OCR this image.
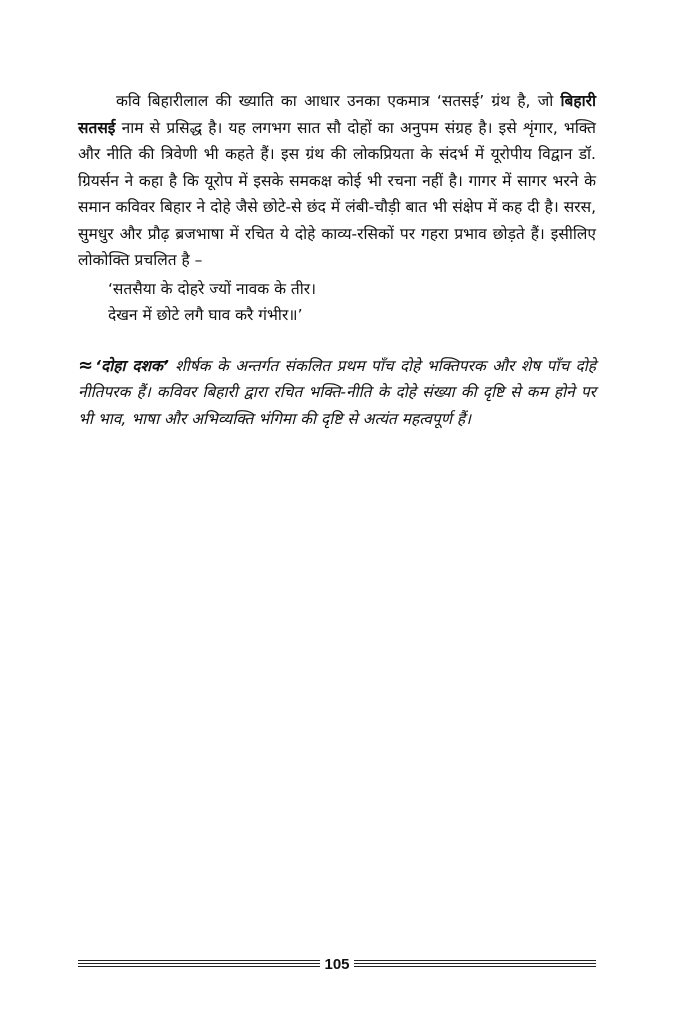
कवि बिहारीलाल की ख्याति का आधार उनका एकमात्र ‘सतसई’ ग्रंथ है, जो बिहारी सतसई नाम से प्रसिद्ध है। यह लगभग सात सौ दोहों का अनुपम संग्रह है। इसे शृंगार, भक्ति और नीति की त्रिवेणी भी कहते हैं। इस ग्रंथ की लोकप्रियता के संदर्भ में यूरोपीय विद्वान डॉ. ग्रियर्सन ने कहा है कि यूरोप में इसके समकक्ष कोई भी रचना नहीं है। गागर में सागर भरने के समान कविवर बिहार ने दोहे जैसे छोटे-से छंद में लंबी-चौड़ी बात भी संक्षेप में कह दी है। सरस, सुमधुर और प्रौढ़ ब्रजभाषा में रचित ये दोहे काव्य-रसिकों पर गहरा प्रभाव छोड़ते हैं। इसीलिए लोकोक्ति प्रचलित है –

‘सतसैया के दोहरे ज्यों नावक के तीर।
देखन में छोटे लगै घाव करै गंभीर॥’
≈ ‘दोहा दशक’ शीर्षक के अन्तर्गत संकलित प्रथम पाँच दोहे भक्तिपरक और शेष पाँच दोहे नीतिपरक हैं। कविवर बिहारी द्वारा रचित भक्ति-नीति के दोहे संख्या की दृष्टि से कम होने पर भी भाव, भाषा और अभिव्यक्ति भंगिमा की दृष्टि से अत्यंत महत्वपूर्ण हैं।
105
